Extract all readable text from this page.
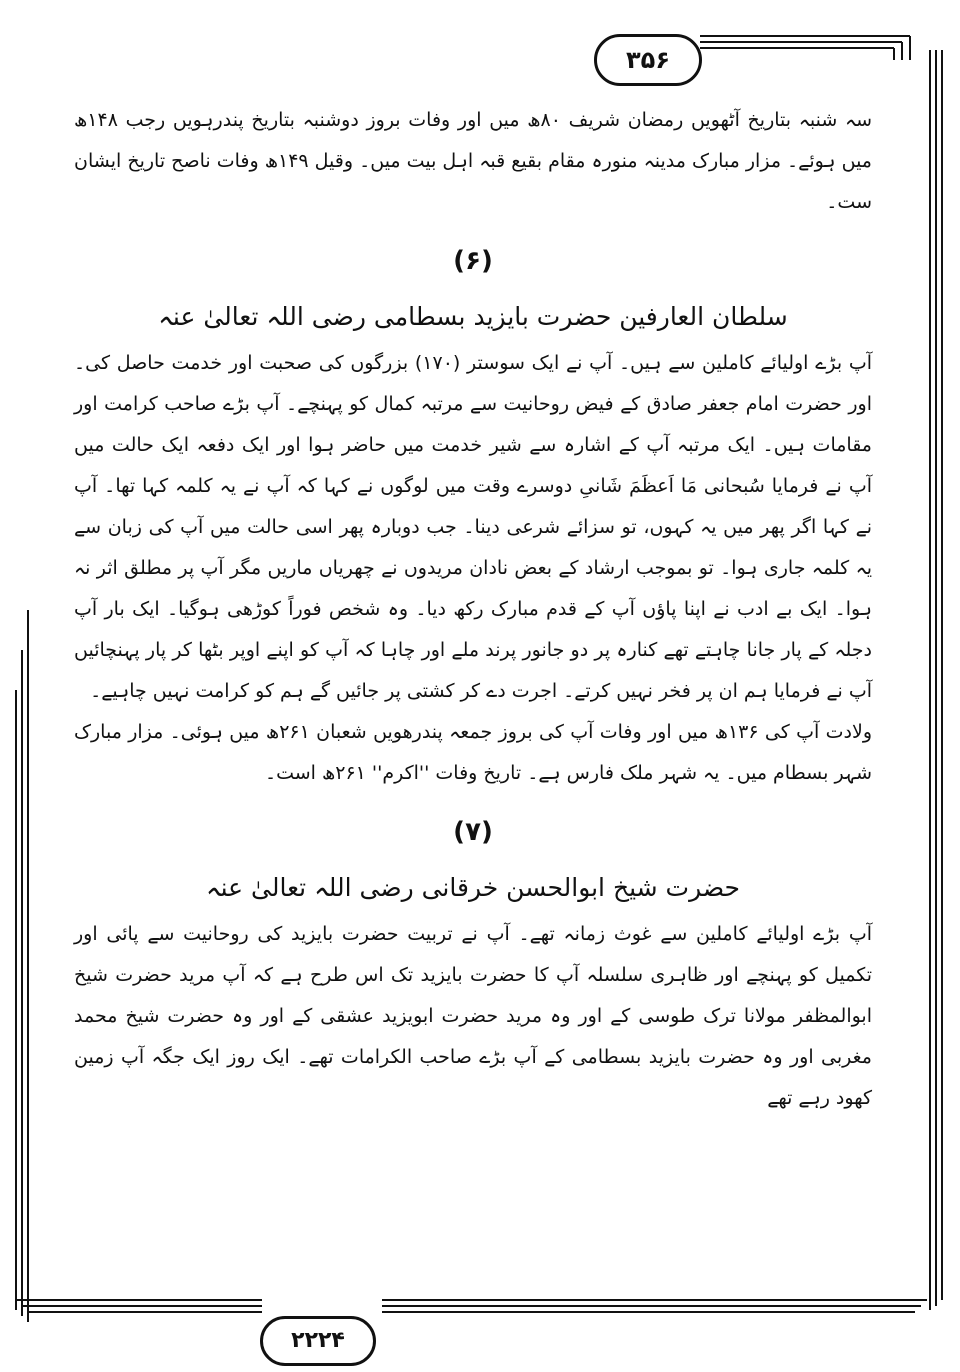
۳۵۶

سہ شنبہ بتاریخ آٹھویں رمضان شریف ۸۰ھ میں اور وفات بروز دوشنبہ بتاریخ پندرہویں رجب ۱۴۸ھ میں ہوئے۔ مزار مبارک مدینہ منورہ مقام بقیع قبہ اہل بیت میں۔ وقیل ۱۴۹ھ وفات ناصح تاریخ ایشان ست۔

(۶)
سلطان العارفین حضرت بایزید بسطامی رضی اللہ تعالیٰ عنہ

آپ بڑے اولیائے کاملین سے ہیں۔ آپ نے ایک سوستر (۱۷۰) بزرگوں کی صحبت اور خدمت حاصل کی۔ اور حضرت امام جعفر صادق کے فیض روحانیت سے مرتبہ کمال کو پہنچے۔ آپ بڑے صاحب کرامت اور مقامات ہیں۔ ایک مرتبہ آپ کے اشارہ سے شیر خدمت میں حاضر ہوا اور ایک دفعہ ایک حالت میں آپ نے فرمایا سُبحانی مَا اَعظَمَ شَانیِ دوسرے وقت میں لوگوں نے کہا کہ آپ نے یہ کلمہ کہا تھا۔ آپ نے کہا اگر پھر میں یہ کہوں، تو سزائے شرعی دینا۔ جب دوبارہ پھر اسی حالت میں آپ کی زبان سے یہ کلمہ جاری ہوا۔ تو بموجب ارشاد کے بعض نادان مریدوں نے چھریاں ماریں مگر آپ پر مطلق اثر نہ ہوا۔ ایک بے ادب نے اپنا پاؤں آپ کے قدم مبارک رکھ دیا۔ وہ شخص فوراً کوڑھی ہوگیا۔ ایک بار آپ دجلہ کے پار جانا چاہتے تھے کنارہ پر دو جانور پرند ملے اور چاہا کہ آپ کو اپنے اوپر بٹھا کر پار پہنچائیں آپ نے فرمایا ہم ان پر فخر نہیں کرتے۔ اجرت دے کر کشتی پر جائیں گے ہم کو کرامت نہیں چاہیے۔

ولادت آپ کی ۱۳۶ھ میں اور وفات آپ کی بروز جمعہ پندرھویں شعبان ۲۶۱ھ میں ہوئی۔ مزار مبارک شہر بسطام میں۔ یہ شہر ملک فارس ہے۔ تاریخ وفات ''اکرم'' ۲۶۱ھ است۔

(۷)
حضرت شیخ ابوالحسن خرقانی رضی اللہ تعالیٰ عنہ

آپ بڑے اولیائے کاملین سے غوث زمانہ تھے۔ آپ نے تربیت حضرت بایزید کی روحانیت سے پائی اور تکمیل کو پہنچے اور ظاہری سلسلہ آپ کا حضرت بایزید تک اس طرح ہے کہ آپ مرید حضرت شیخ ابوالمظفر مولانا ترک طوسی کے اور وہ مرید حضرت ابویزید عشقی کے اور وہ حضرت شیخ محمد مغربی اور وہ حضرت بایزید بسطامی کے آپ بڑے صاحب الکرامات تھے۔ ایک روز ایک جگہ آپ زمین کھود رہے تھے

۲۲۲۴
